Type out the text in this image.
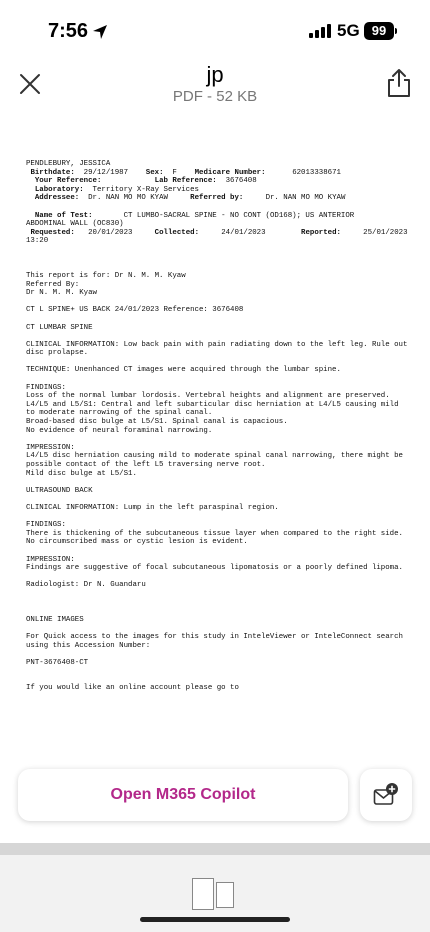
7:56	5G 99
jp
PDF - 52 KB
PENDLEBURY, JESSICA
Birthdate: 29/12/1987 Sex: F Medicare Number:	62013338671
Your Reference:	Lab Reference: 3676408
Laboratory: Territory X-Ray Services
Addressee: Dr. NAN MO MO KYAW	Referred by:	Dr. NAN MO MO KYAW
Name of Test:	CT LUMBO-SACRAL SPINE - NO CONT (OD168); US ANTERIOR
ABDOMINAL WALL (OC830)
Requested: 20/01/2023	Collected:	24/01/2023	Reported:	25/01/2023
13:20
This report is for: Dr N. M. M. Kyaw
Referred By:
Dr N. M. M. Kyaw
CT L SPINE+ US BACK 24/01/2023 Reference: 3676408
CT LUMBAR SPINE
CLINICAL INFORMATION: Low back pain with pain radiating down to the left leg. Rule out disc prolapse.
TECHNIQUE: Unenhanced CT images were acquired through the lumbar spine.
FINDINGS:
Loss of the normal lumbar lordosis. Vertebral heights and alignment are preserved.
L4/L5 and L5/S1: Central and left subarticular disc herniation at L4/L5 causing mild to moderate narrowing of the spinal canal.
Broad-based disc bulge at L5/S1. Spinal canal is capacious.
No evidence of neural foraminal narrowing.
IMPRESSION:
L4/L5 disc herniation causing mild to moderate spinal canal narrowing, there might be possible contact of the left L5 traversing nerve root.
Mild disc bulge at L5/S1.
ULTRASOUND BACK
CLINICAL INFORMATION: Lump in the left paraspinal region.
FINDINGS:
There is thickening of the subcutaneous tissue layer when compared to the right side. No circumscribed mass or cystic lesion is evident.
IMPRESSION:
Findings are suggestive of focal subcutaneous lipomatosis or a poorly defined lipoma.
Radiologist: Dr N. Guandaru
ONLINE IMAGES
For Quick access to the images for this study in InteleViewer or InteleConnect search using this Accession Number:
PNT-3676408-CT
If you would like an online account please go to
Open M365 Copilot
